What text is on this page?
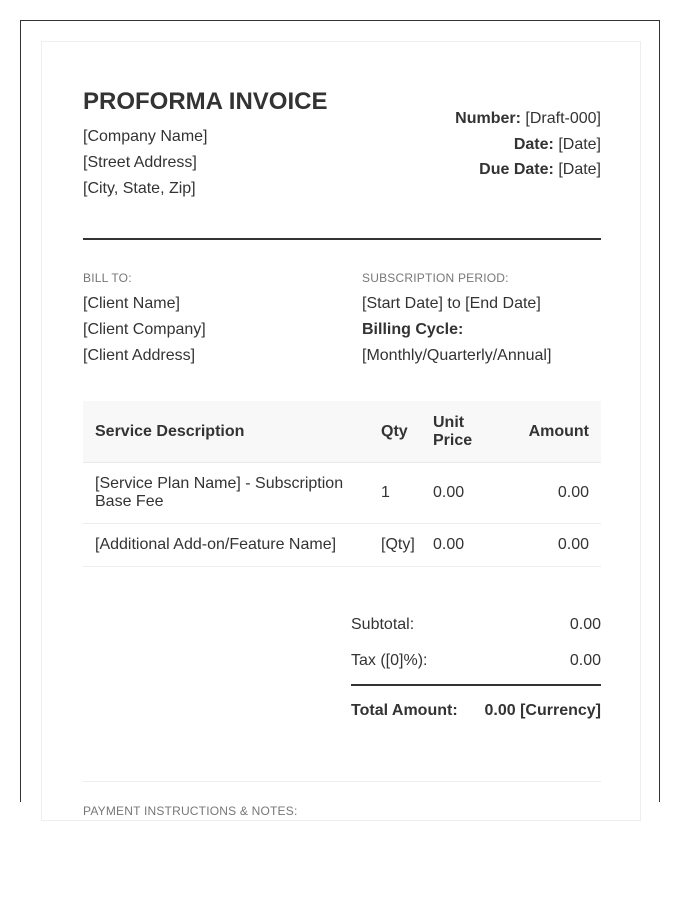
PROFORMA INVOICE
[Company Name]
[Street Address]
[City, State, Zip]
Number: [Draft-000]
Date: [Date]
Due Date: [Date]
BILL TO:
[Client Name]
[Client Company]
[Client Address]
SUBSCRIPTION PERIOD:
[Start Date] to [End Date]
Billing Cycle:
[Monthly/Quarterly/Annual]
Service Description	Qty	Unit Price	Amount
[Service Plan Name] - Subscription Base Fee	1	0.00	0.00
[Additional Add-on/Feature Name]	[Qty]	0.00	0.00
Subtotal:	0.00
Tax ([0]%):	0.00
Total Amount: 0.00 [Currency]
PAYMENT INSTRUCTIONS & NOTES:
